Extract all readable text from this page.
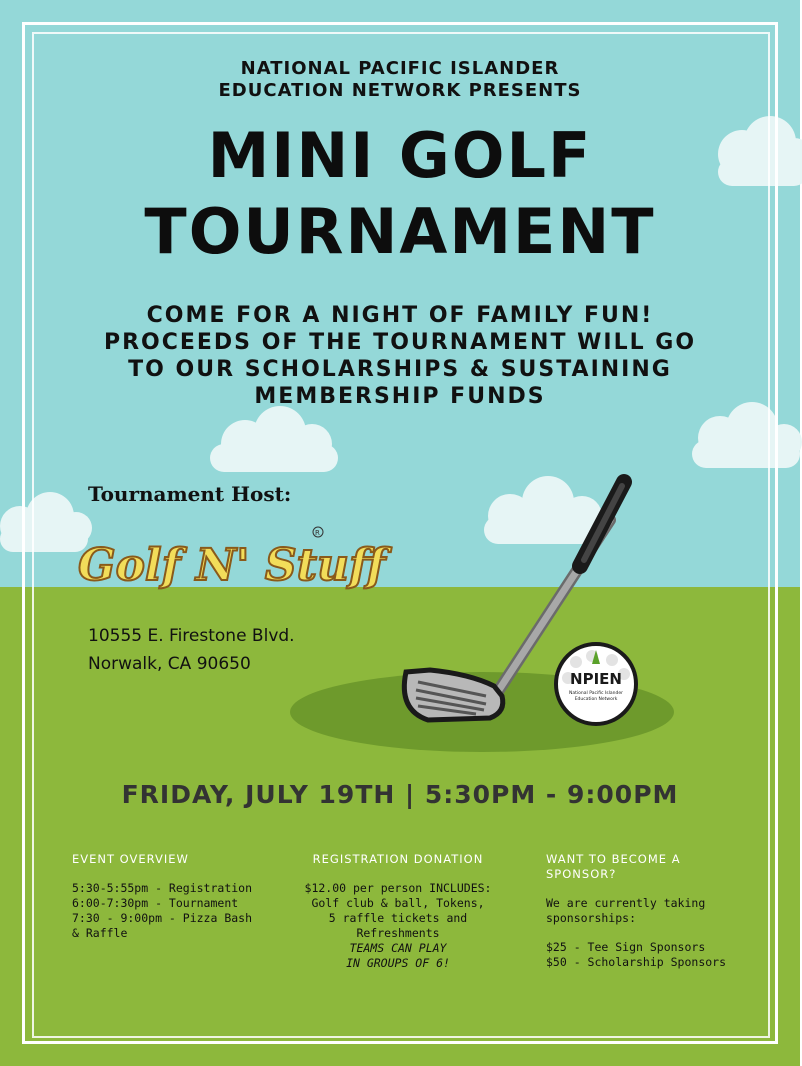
NATIONAL PACIFIC ISLANDER
EDUCATION NETWORK PRESENTS
MINI GOLF
TOURNAMENT
COME FOR A NIGHT OF FAMILY FUN!
PROCEEDS OF THE TOURNAMENT WILL GO
TO OUR SCHOLARSHIPS & SUSTAINING
MEMBERSHIP FUNDS
Tournament Host:
Golf N' Stuff
R
10555 E. Firestone Blvd.
Norwalk, CA 90650
NPIEN
National Pacific Islander
Education Network
FRIDAY, JULY 19TH | 5:30PM - 9:00PM
EVENT OVERVIEW
5:30-5:55pm - Registration
6:00-7:30pm - Tournament
7:30 - 9:00pm - Pizza Bash
& Raffle
REGISTRATION DONATION
$12.00 per person INCLUDES:
Golf club & ball, Tokens,
5 raffle tickets and
Refreshments
TEAMS CAN PLAY
IN GROUPS OF 6!
WANT TO BECOME A
SPONSOR?
We are currently taking
sponsorships:
$25 - Tee Sign Sponsors
$50 - Scholarship Sponsors
